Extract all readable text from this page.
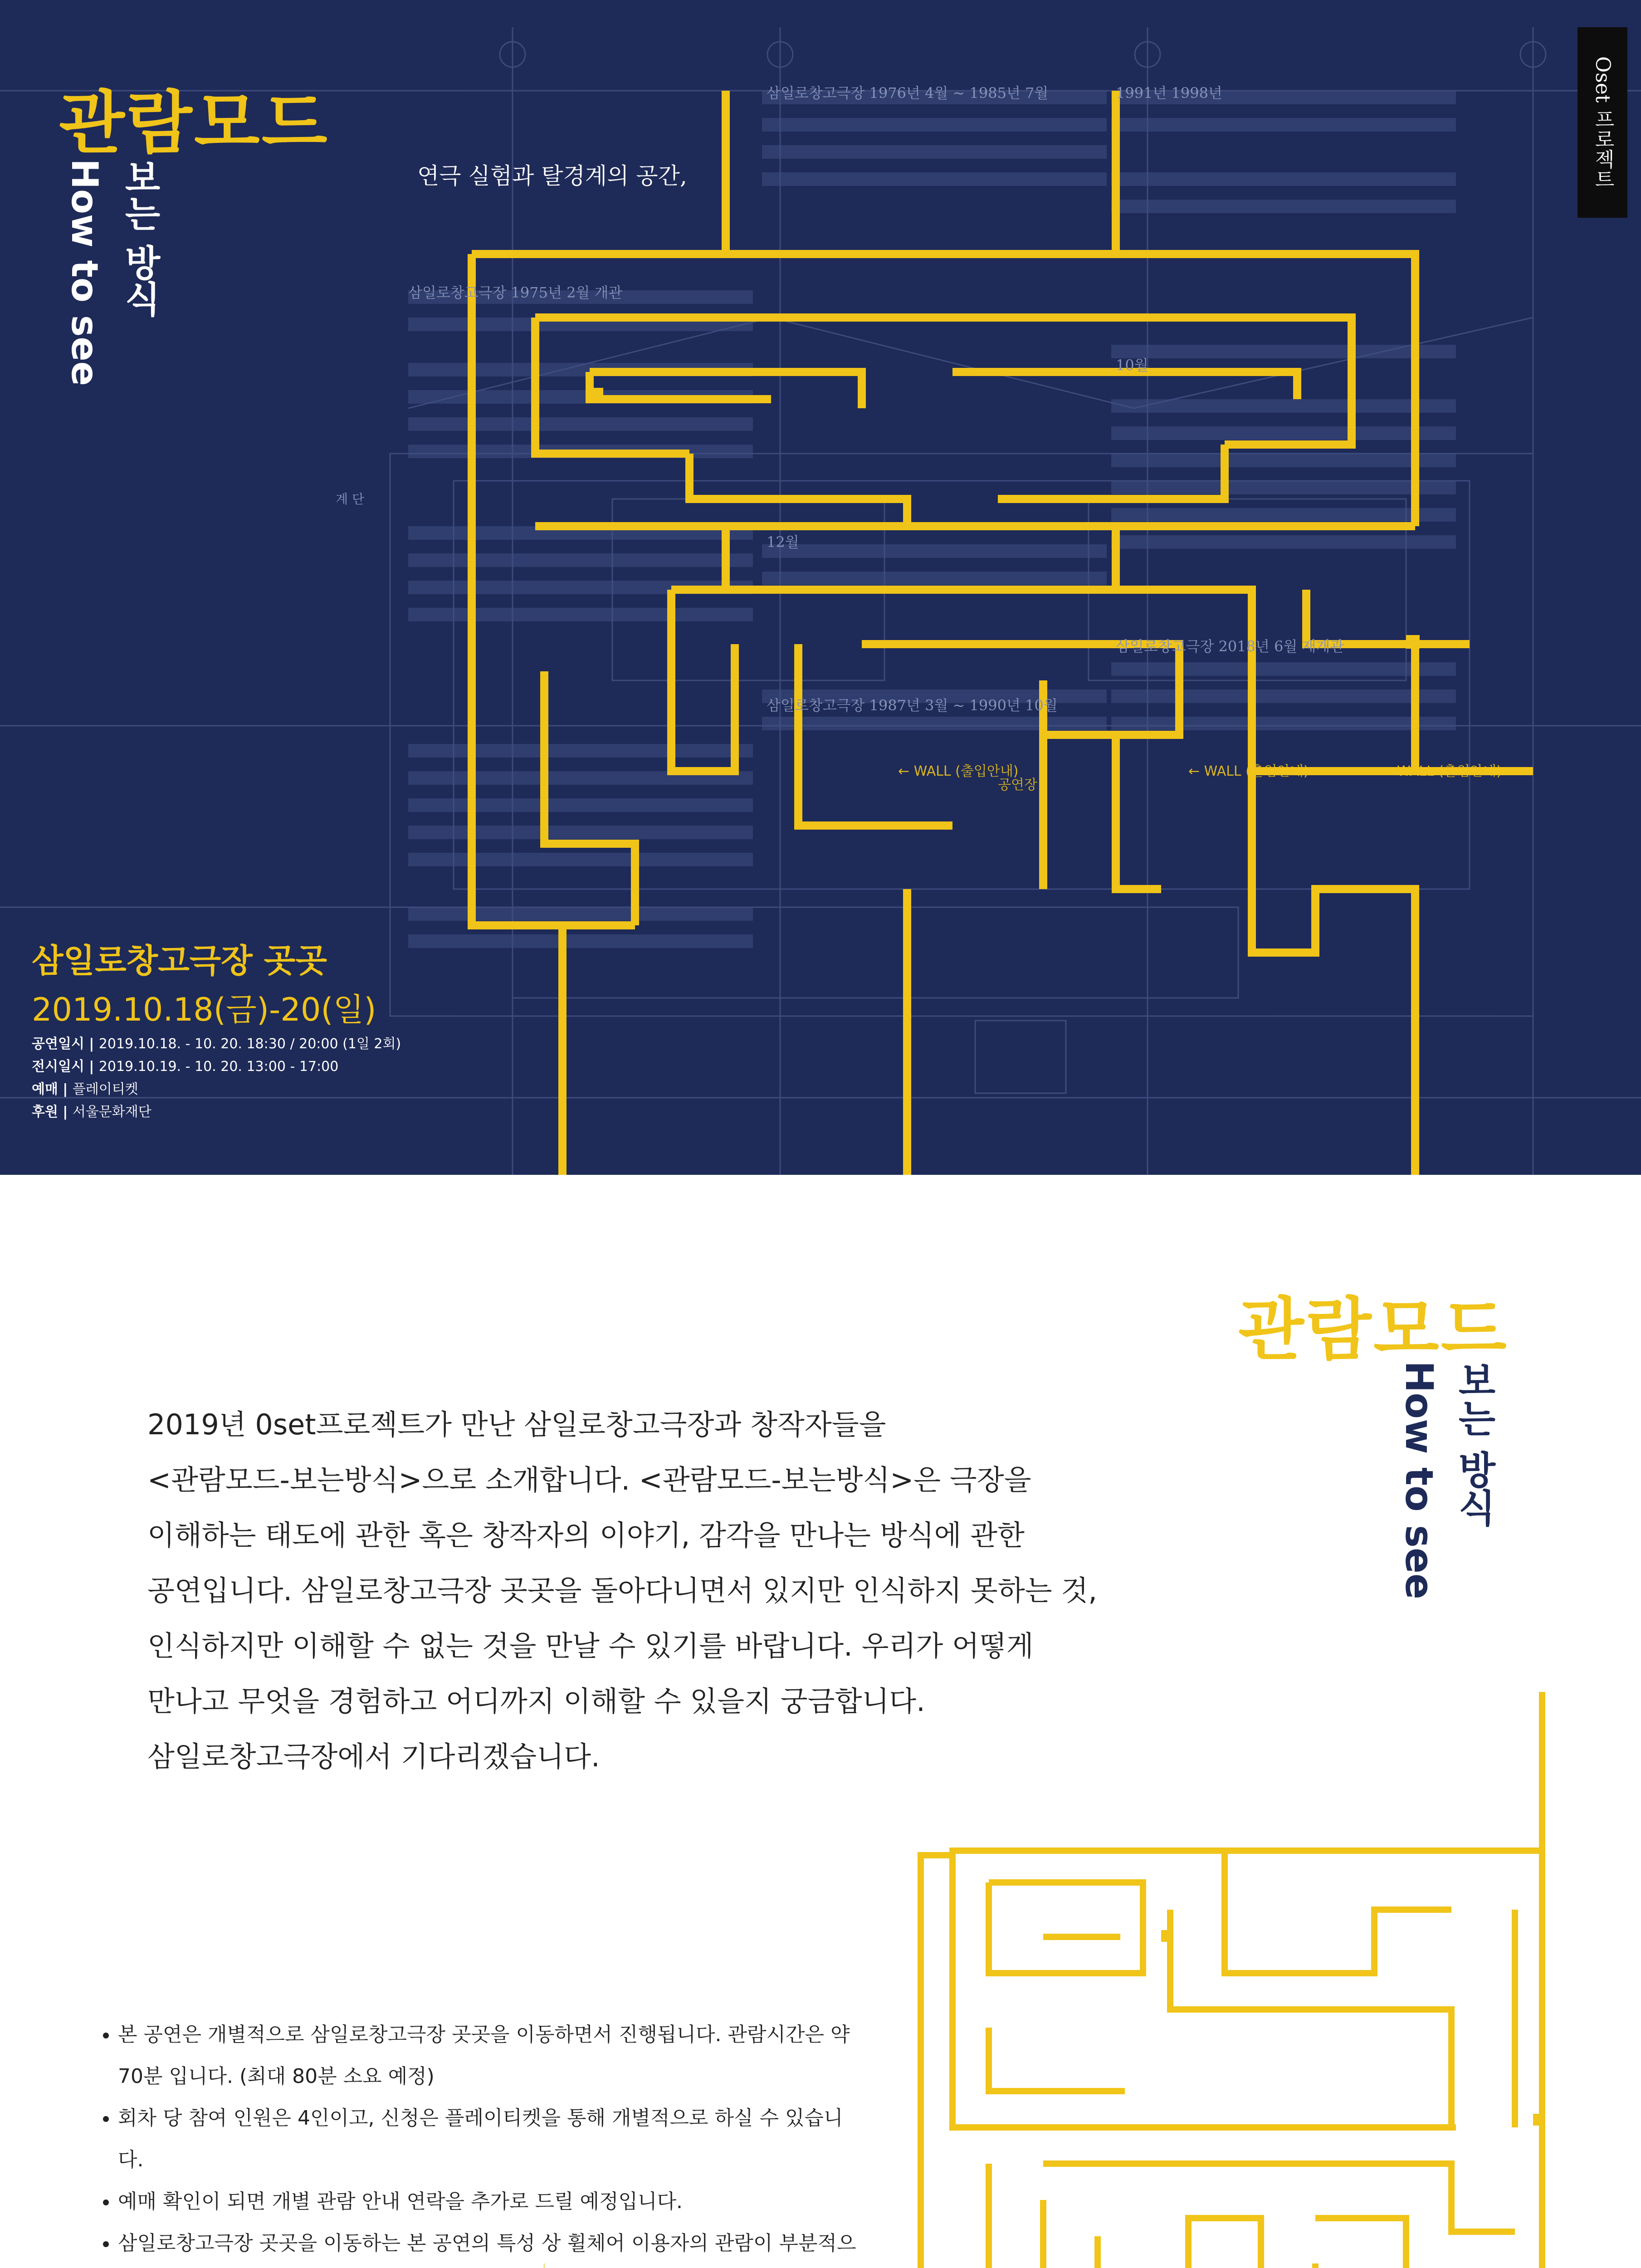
← WALL (출입안내)	← WALL (출입안내)	WALL (출입안내) →
공연장
계 단
삼일로창고극장 1976년 4월 ~ 1985년 7월	1991년 1998년
삼일로창고극장 1975년 2월 개관
삼일로창고극장 2018년 6월 재개관
10월
12월
삼일로창고극장 1987년 3월 ~ 1990년 10월
관람모드
보는 방식
How to see	연극 실험과 탈경계의 공간,	Oset 프로젝트
삼일로창고극장 곳곳
2019.10.18(금)-20(일)
공연일시 | 2019.10.18. - 10. 20. 18:30 / 20:00 (1일 2회)
전시일시 | 2019.10.19. - 10. 20. 13:00 - 17:00
예매 | 플레이티켓
후원 | 서울문화재단
관람모드
보는 방식
How to see
2019년 0set프로젝트가 만난 삼일로창고극장과 창작자들을
<관람모드-보는방식>으로 소개합니다. <관람모드-보는방식>은 극장을
이해하는 태도에 관한 혹은 창작자의 이야기, 감각을 만나는 방식에 관한
공연입니다. 삼일로창고극장 곳곳을 돌아다니면서 있지만 인식하지 못하는 것,
인식하지만 이해할 수 없는 것을 만날 수 있기를 바랍니다. 우리가 어떻게
만나고 무엇을 경험하고 어디까지 이해할 수 있을지 궁금합니다.
삼일로창고극장에서 기다리겠습니다.
• 본 공연은 개별적으로 삼일로창고극장 곳곳을 이동하면서 진행됩니다. 관람시간은 약 70분 입니다. (최대 80분 소요 예정)
• 회차 당 참여 인원은 4인이고, 신청은 플레이티켓을 통해 개별적으로 하실 수 있습니다.
• 예매 확인이 되면 개별 관람 안내 연락을 추가로 드릴 예정입니다.
• 삼일로창고극장 곳곳을 이동하는 본 공연의 특성 상 휠체어 이용자의 관람이 부분적으
